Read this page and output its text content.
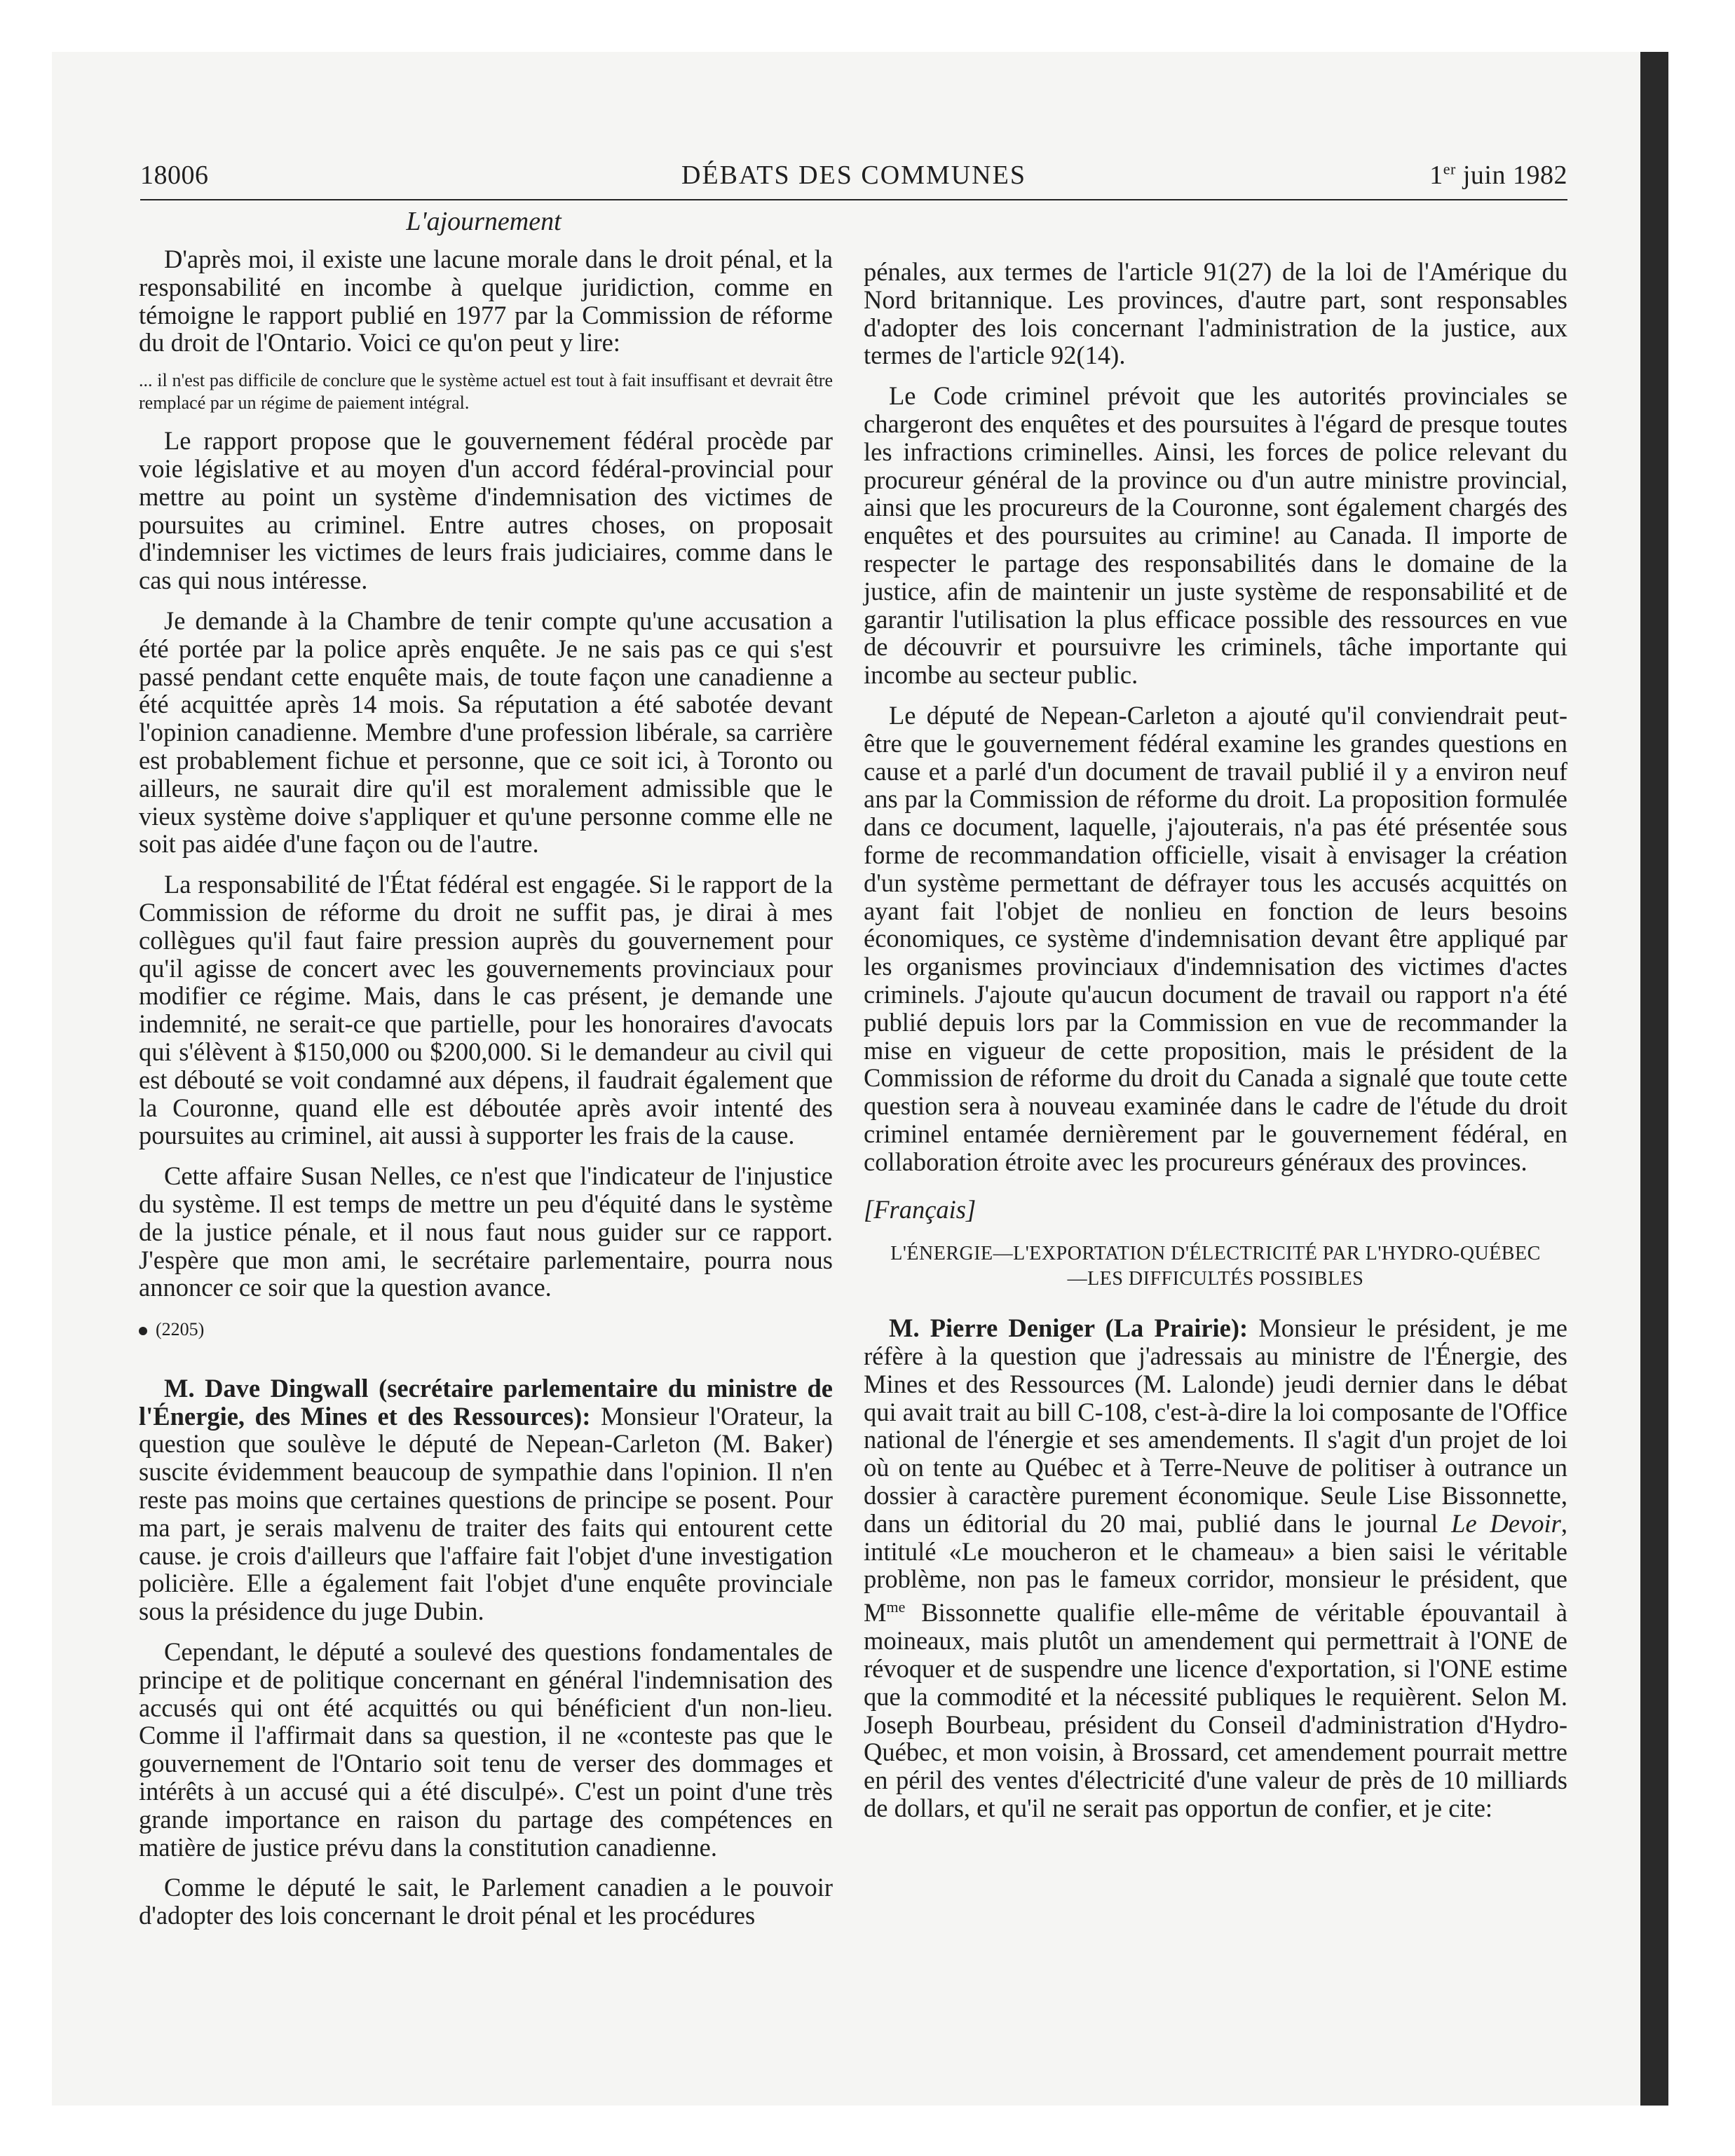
18006	DÉBATS DES COMMUNES	1er juin 1982
L'ajournement

D'après moi, il existe une lacune morale dans le droit pénal, et la responsabilité en incombe à quelque juridiction, comme en témoigne le rapport publié en 1977 par la Commission de réforme du droit de l'Ontario. Voici ce qu'on peut y lire:

... il n'est pas difficile de conclure que le système actuel est tout à fait insuffisant et devrait être remplacé par un régime de paiement intégral.

Le rapport propose que le gouvernement fédéral procède par voie législative et au moyen d'un accord fédéral-provincial pour mettre au point un système d'indemnisation des victimes de poursuites au criminel. Entre autres choses, on proposait d'indemniser les victimes de leurs frais judiciaires, comme dans le cas qui nous intéresse.

Je demande à la Chambre de tenir compte qu'une accusation a été portée par la police après enquête. Je ne sais pas ce qui s'est passé pendant cette enquête mais, de toute façon une canadienne a été acquittée après 14 mois. Sa réputation a été sabotée devant l'opinion canadienne. Membre d'une profession libérale, sa carrière est probablement fichue et personne, que ce soit ici, à Toronto ou ailleurs, ne saurait dire qu'il est moralement admissible que le vieux système doive s'appliquer et qu'une personne comme elle ne soit pas aidée d'une façon ou de l'autre.

La responsabilité de l'État fédéral est engagée. Si le rapport de la Commission de réforme du droit ne suffit pas, je dirai à mes collègues qu'il faut faire pression auprès du gouvernement pour qu'il agisse de concert avec les gouvernements provinciaux pour modifier ce régime. Mais, dans le cas présent, je demande une indemnité, ne serait-ce que partielle, pour les honoraires d'avocats qui s'élèvent à $150,000 ou $200,000. Si le demandeur au civil qui est débouté se voit condamné aux dépens, il faudrait également que la Couronne, quand elle est déboutée après avoir intenté des poursuites au criminel, ait aussi à supporter les frais de la cause.

Cette affaire Susan Nelles, ce n'est que l'indicateur de l'injustice du système. Il est temps de mettre un peu d'équité dans le système de la justice pénale, et il nous faut nous guider sur ce rapport. J'espère que mon ami, le secrétaire parlementaire, pourra nous annoncer ce soir que la question avance.

(2205)

M. Dave Dingwall (secrétaire parlementaire du ministre de l'Énergie, des Mines et des Ressources): Monsieur l'Orateur, la question que soulève le député de Nepean-Carleton (M. Baker) suscite évidemment beaucoup de sympathie dans l'opinion. Il n'en reste pas moins que certaines questions de principe se posent. Pour ma part, je serais malvenu de traiter des faits qui entourent cette cause. je crois d'ailleurs que l'affaire fait l'objet d'une investigation policière. Elle a également fait l'objet d'une enquête provinciale sous la présidence du juge Dubin.

Cependant, le député a soulevé des questions fondamentales de principe et de politique concernant en général l'indemnisation des accusés qui ont été acquittés ou qui bénéficient d'un non-lieu. Comme il l'affirmait dans sa question, il ne «conteste pas que le gouvernement de l'Ontario soit tenu de verser des dommages et intérêts à un accusé qui a été disculpé». C'est un point d'une très grande importance en raison du partage des compétences en matière de justice prévu dans la constitution canadienne.

Comme le député le sait, le Parlement canadien a le pouvoir d'adopter des lois concernant le droit pénal et les procédures

pénales, aux termes de l'article 91(27) de la loi de l'Amérique du Nord britannique. Les provinces, d'autre part, sont responsables d'adopter des lois concernant l'administration de la justice, aux termes de l'article 92(14).

Le Code criminel prévoit que les autorités provinciales se chargeront des enquêtes et des poursuites à l'égard de presque toutes les infractions criminelles. Ainsi, les forces de police relevant du procureur général de la province ou d'un autre ministre provincial, ainsi que les procureurs de la Couronne, sont également chargés des enquêtes et des poursuites au crimine! au Canada. Il importe de respecter le partage des responsabilités dans le domaine de la justice, afin de maintenir un juste système de responsabilité et de garantir l'utilisation la plus efficace possible des ressources en vue de découvrir et poursuivre les criminels, tâche importante qui incombe au secteur public.

Le député de Nepean-Carleton a ajouté qu'il conviendrait peut-être que le gouvernement fédéral examine les grandes questions en cause et a parlé d'un document de travail publié il y a environ neuf ans par la Commission de réforme du droit. La proposition formulée dans ce document, laquelle, j'ajouterais, n'a pas été présentée sous forme de recommandation officielle, visait à envisager la création d'un système permettant de défrayer tous les accusés acquittés on ayant fait l'objet de nonlieu en fonction de leurs besoins économiques, ce système d'indemnisation devant être appliqué par les organismes provinciaux d'indemnisation des victimes d'actes criminels. J'ajoute qu'aucun document de travail ou rapport n'a été publié depuis lors par la Commission en vue de recommander la mise en vigueur de cette proposition, mais le président de la Commission de réforme du droit du Canada a signalé que toute cette question sera à nouveau examinée dans le cadre de l'étude du droit criminel entamée dernièrement par le gouvernement fédéral, en collaboration étroite avec les procureurs généraux des provinces.

[Français]
L'ÉNERGIE—L'EXPORTATION D'ÉLECTRICITÉ PAR L'HYDRO-QUÉBEC—LES DIFFICULTÉS POSSIBLES

M. Pierre Deniger (La Prairie): Monsieur le président, je me réfère à la question que j'adressais au ministre de l'Énergie, des Mines et des Ressources (M. Lalonde) jeudi dernier dans le débat qui avait trait au bill C-108, c'est-à-dire la loi composante de l'Office national de l'énergie et ses amendements. Il s'agit d'un projet de loi où on tente au Québec et à Terre-Neuve de politiser à outrance un dossier à caractère purement économique. Seule Lise Bissonnette, dans un éditorial du 20 mai, publié dans le journal Le Devoir, intitulé «Le moucheron et le chameau» a bien saisi le véritable problème, non pas le fameux corridor, monsieur le président, que $M^{me}$ Bissonnette qualifie elle-même de véritable épouvantail à moineaux, mais plutôt un amendement qui permettrait à l'ONE de révoquer et de suspendre une licence d'exportation, si l'ONE estime que la commodité et la nécessité publiques le requièrent. Selon M. Joseph Bourbeau, président du Conseil d'administration d'Hydro-Québec, et mon voisin, à Brossard, cet amendement pourrait mettre en péril des ventes d'électricité d'une valeur de près de 10 milliards de dollars, et qu'il ne serait pas opportun de confier, et je cite:
